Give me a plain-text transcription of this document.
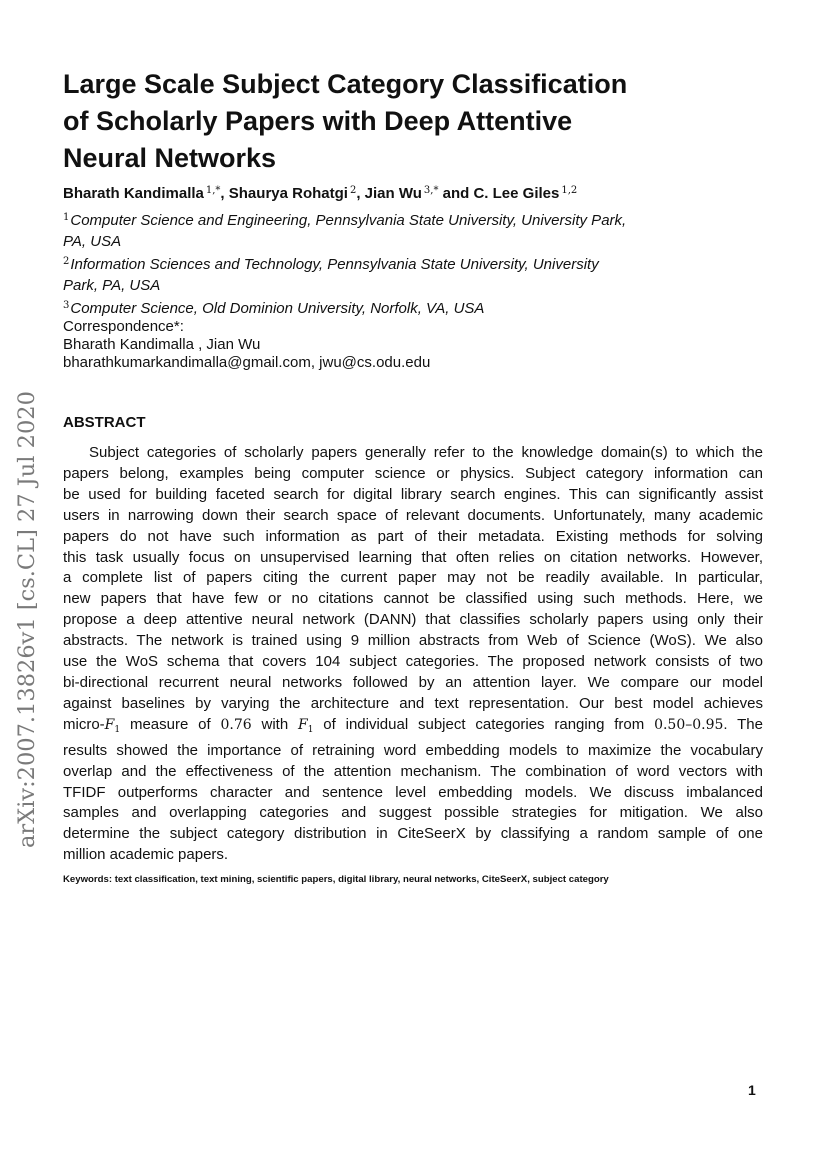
Large Scale Subject Category Classification
of Scholarly Papers with Deep Attentive
Neural Networks
Bharath Kandimalla $^{1,*}$, Shaurya Rohatgi $^2$, Jian Wu $^{3,*}$ and C. Lee Giles $^{1,2}$
$^1$Computer Science and Engineering, Pennsylvania State University, University Park,
PA, USA
$^2$Information Sciences and Technology, Pennsylvania State University, University
Park, PA, USA
$^3$Computer Science, Old Dominion University, Norfolk, VA, USA
Correspondence*:
Bharath Kandimalla , Jian Wu
bharathkumarkandimalla@gmail.com, jwu@cs.odu.edu
ABSTRACT
Subject categories of scholarly papers generally refer to the knowledge domain(s) to which the
papers belong, examples being computer science or physics. Subject category information can
be used for building faceted search for digital library search engines. This can significantly assist
users in narrowing down their search space of relevant documents. Unfortunately, many academic
papers do not have such information as part of their metadata. Existing methods for solving
this task usually focus on unsupervised learning that often relies on citation networks. However,
a complete list of papers citing the current paper may not be readily available. In particular,
new papers that have few or no citations cannot be classified using such methods. Here, we
propose a deep attentive neural network (DANN) that classifies scholarly papers using only their
abstracts. The network is trained using 9 million abstracts from Web of Science (WoS). We also
use the WoS schema that covers 104 subject categories. The proposed network consists of two
bi-directional recurrent neural networks followed by an attention layer. We compare our model
against baselines by varying the architecture and text representation. Our best model achieves
micro-$F_1$ measure of 0.76 with $F_1$ of individual subject categories ranging from 0.50–0.95. The
results showed the importance of retraining word embedding models to maximize the vocabulary
overlap and the effectiveness of the attention mechanism. The combination of word vectors with
TFIDF outperforms character and sentence level embedding models. We discuss imbalanced
samples and overlapping categories and suggest possible strategies for mitigation. We also
determine the subject category distribution in CiteSeerX by classifying a random sample of one
million academic papers.
Keywords: text classification, text mining, scientific papers, digital library, neural networks, CiteSeerX, subject category
arXiv:2007.13826v1 [cs.CL] 27 Jul 2020
1
